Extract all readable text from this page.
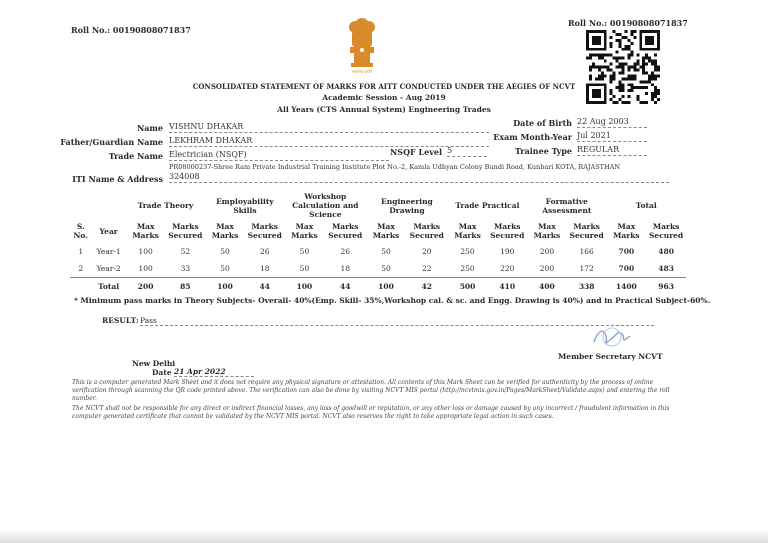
Roll No.: 00190808071837
Roll No.: 00190808071837
सत्यमेव जयते
CONSOLIDATED STATEMENT OF MARKS FOR AITT CONDUCTED UNDER THE AEGIES OF NCVT
Academic Session - Aug 2019
All Years (CTS Annual System) Engineering Trades
Name VISHNU DHAKAR
Father/Guardian Name LEKHRAM DHAKAR
Trade Name Electrician (NSQF)
ITI Name & Address
PR08000237-Shree Ram Private Industrial Training Institute Plot No.-2, Kamla Udhyan Colony Bundi Road, Kunhari KOTA, RAJASTHAN
324008
Date of Birth 22 Aug 2003
Exam Month-Year Jul 2021
NSQF Level 5	Trainee Type REGULAR
		Trade Theory		Employability Skills		Workshop Calculation and Science		Engineering Drawing		Trade Practical		Formative Assessment		Total	
S. No.	Year	Max Marks	Marks Secured	Max Marks	Marks Secured	Max Marks	Marks Secured	Max Marks	Marks Secured	Max Marks	Marks Secured	Max Marks	Marks Secured	Max Marks	Marks Secured
1	Year-1	100	52	50	26	50	26	50	20	250	190	200	166	700	480
2	Year-2	100	33	50	18	50	18	50	22	250	220	200	172	700	483
	Total	200	85	100	44	100	44	100	42	500	410	400	338	1400	963
* Minimum pass marks in Theory Subjects- Overall- 40%(Emp. Skill- 35%,Workshop cal. & sc. and Engg. Drawing is 40%) and in Practical Subject-60%.
RESULT: Pass
New Delhi
Date 21 Apr 2022
Member Secretary NCVT
This is a computer generated Mark Sheet and it does not require any physical signature or attestation. All contents of this Mark Sheet can be verified for authenticity by the process of online verification through scanning the QR code printed above. The verification can also be done by visiting NCVT MIS portal (http://ncvtmis.gov.in/Pages/MarkSheet/Validate.aspx) and entering the roll number.
The NCVT shall not be responsible for any direct or indirect financial losses, any loss of goodwill or reputation, or any other loss or damage caused by any incorrect / fraudulent information in this computer generated certificate that cannot be validated by the NCVT MIS portal. NCVT also reserves the right to take appropriate legal action in such cases.
